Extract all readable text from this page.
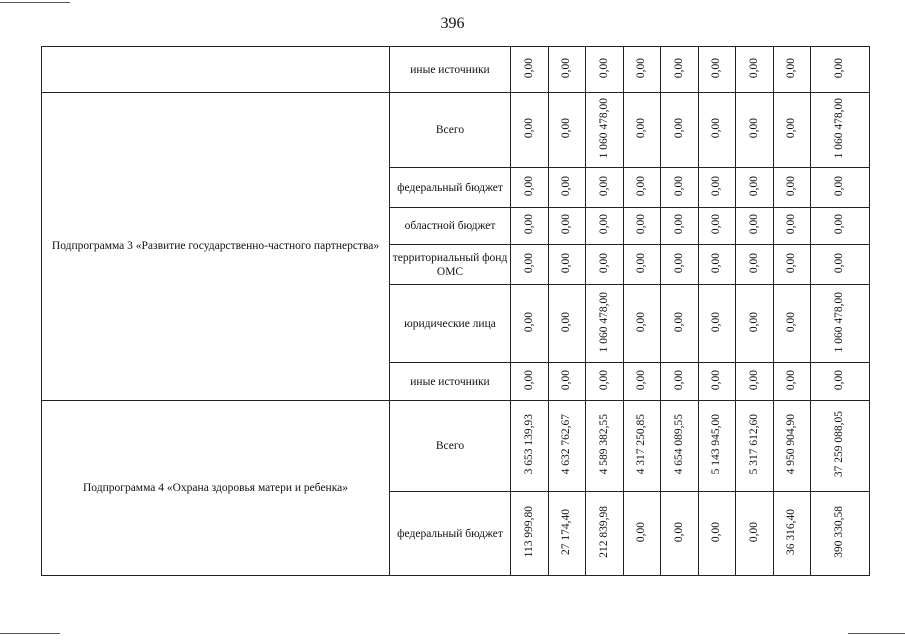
396
	иные источники	0,00	0,00	0,00	0,00	0,00	0,00	0,00	0,00	0,00
Подпрограмма 3 «Развитие государственно-частного партнерства»	Всего	0,00	0,00	1 060 478,00	0,00	0,00	0,00	0,00	0,00	1 060 478,00
	федеральный бюджет	0,00	0,00	0,00	0,00	0,00	0,00	0,00	0,00	0,00
	областной бюджет	0,00	0,00	0,00	0,00	0,00	0,00	0,00	0,00	0,00
	территориальный фонд ОМС	0,00	0,00	0,00	0,00	0,00	0,00	0,00	0,00	0,00
	юридические лица	0,00	0,00	1 060 478,00	0,00	0,00	0,00	0,00	0,00	1 060 478,00
	иные источники	0,00	0,00	0,00	0,00	0,00	0,00	0,00	0,00	0,00
Подпрограмма 4 «Охрана здоровья матери и ребенка»	Всего	3 653 139,93	4 632 762,67	4 589 382,55	4 317 250,85	4 654 089,55	5 143 945,00	5 317 612,60	4 950 904,90	37 259 088,05
	федеральный бюджет	113 999,80	27 174,40	212 839,98	0,00	0,00	0,00	0,00	36 316,40	390 330,58
